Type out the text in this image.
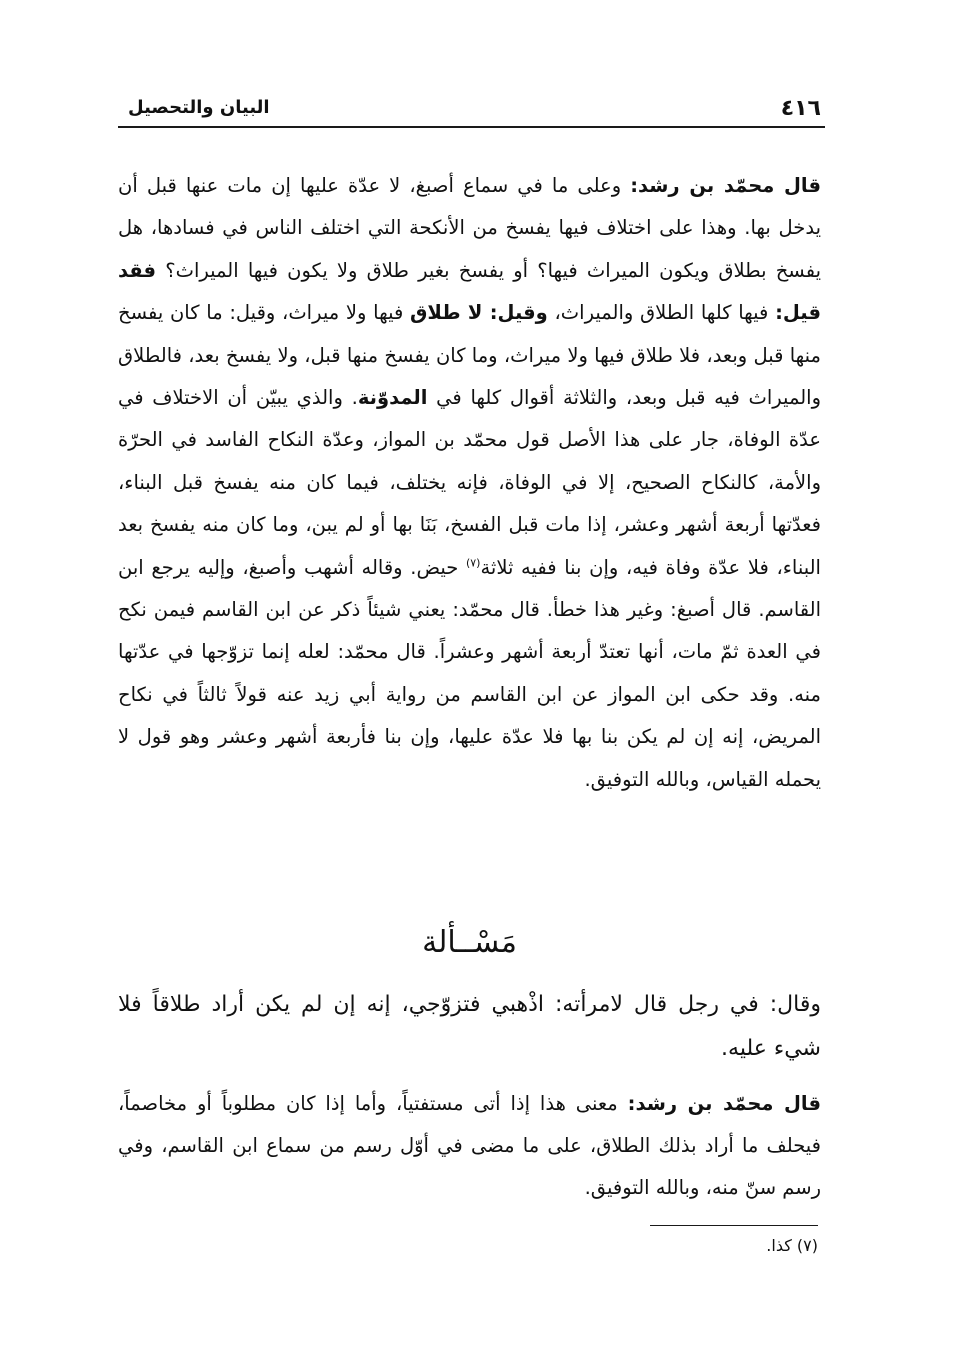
٤١٦
البيان والتحصيل
قال محمّد بن رشد: وعلى ما في سماع أصبغ، لا عدّة عليها إن مات عنها قبل أن يدخل بها. وهذا على اختلاف فيها يفسخ من الأنكحة التي اختلف الناس في فسادها، هل يفسخ بطلاق ويكون الميراث فيها؟ أو يفسخ بغير طلاق ولا يكون فيها الميراث؟ فقد قيل: فيها كلها الطلاق والميراث، وقيل: لا طلاق فيها ولا ميراث، وقيل: ما كان يفسخ منها قبل وبعد، فلا طلاق فيها ولا ميراث، وما كان يفسخ منها قبل، ولا يفسخ بعد، فالطلاق والميراث فيه قبل وبعد، والثلاثة أقوال كلها في المدوّنة. والذي يبيّن أن الاختلاف في عدّة الوفاة، جار على هذا الأصل قول محمّد بن المواز، وعدّة النكاح الفاسد في الحرّة والأمة، كالنكاح الصحيح، إلا في الوفاة، فإنه يختلف، فيما كان منه يفسخ قبل البناء، فعدّتها أربعة أشهر وعشر، إذا مات قبل الفسخ، بَنَا بها أو لم يبن، وما كان منه يفسخ بعد البناء، فلا عدّة وفاة فيه، وإن بنا ففيه ثلاثة$^{(٧)}$ حيض. وقاله أشهب وأصبغ، وإليه يرجع ابن القاسم. قال أصبغ: وغير هذا خطأ. قال محمّد: يعني شيئاً ذكر عن ابن القاسم فيمن نكح في العدة ثمّ مات، أنها تعتدّ أربعة أشهر وعشراً. قال محمّد: لعله إنما تزوّجها في عدّتها منه. وقد حكى ابن المواز عن ابن القاسم من رواية أبي زيد عنه قولاً ثالثاً في نكاح المريض، إنه إن لم يكن بنا بها فلا عدّة عليها، وإن بنا فأربعة أشهر وعشر وهو قول لا يحمله القياس، وبالله التوفيق.
مَسْــألة
وقال: في رجل قال لامرأته: اذْهبي فتزوّجي، إنه إن لم يكن أراد طلاقاً فلا شيء عليه.
قال محمّد بن رشد: معنى هذا إذا أتى مستفتياً، وأما إذا كان مطلوباً أو مخاصماً، فيحلف ما أراد بذلك الطلاق، على ما مضى في أوّل رسم من سماع ابن القاسم، وفي رسم سنّ منه، وبالله التوفيق.
(٧) كذا.
